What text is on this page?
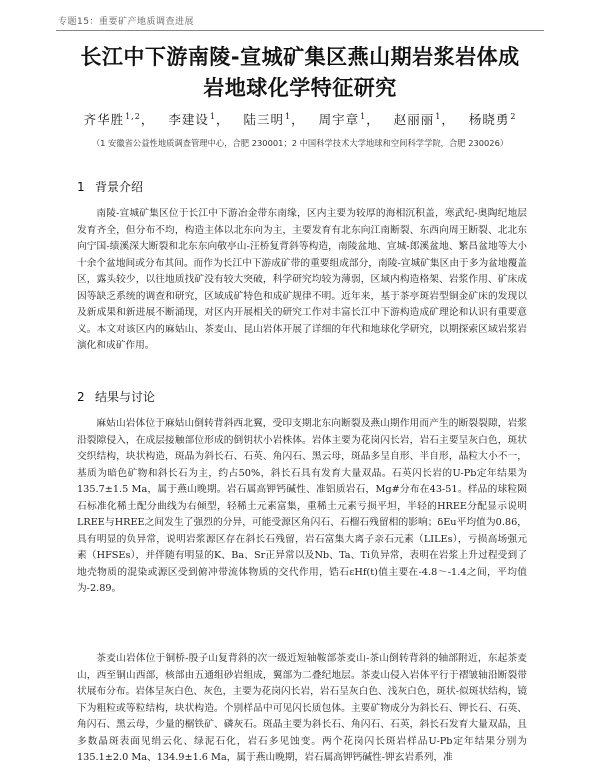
专题15：重要矿产地质调查进展
长江中下游南陵-宣城矿集区燕山期岩浆岩体成
岩地球化学特征研究
齐华胜$^{1,2}$， 李建设$^1$， 陆三明$^1$， 周宇章$^1$， 赵丽丽$^1$， 杨晓勇$^2$
（1 安徽省公益性地质调查管理中心，合肥 230001；2 中国科学技术大学地球和空间科学学院，合肥 230026）
1 背景介绍
南陵-宣城矿集区位于长江中下游冶金带东南缘，区内主要为较厚的海相沉积盖，寒武纪-奥陶纪地层发育齐全，但分布不均，构造主体以北东向为主，主要发育有北东向江南断裂、东西向周王断裂、北北东向宁国-绩溪深大断裂和北东东向敬亭山-汪桥复背斜等构造，南陵盆地、宣城-郎溪盆地、繁昌盆地等大小十余个盆地间或分布其间。而作为长江中下游成矿带的重要组成部分，南陵-宣城矿集区由于多为盆地覆盖区，露头较少，以往地质找矿没有较大突破，科学研究均较为薄弱，区域内构造格架、岩浆作用、矿床成因等缺乏系统的调查和研究，区域成矿特色和成矿规律不明。近年来，基于茶亭斑岩型铜金矿床的发现以及新成果和新进展不断涌现，对区内开展相关的研究工作对丰富长江中下游构造成矿理论和认识有重要意义。本文对该区内的麻姑山、茶麦山、昆山岩体开展了详细的年代和地球化学研究，以期探索区域岩浆岩演化和成矿作用。
2 结果与讨论
麻姑山岩体位于麻姑山倒转背斜西北翼，受印支期北东向断裂及燕山期作用而产生的断裂裂隙，岩浆沿裂隙侵入，在成层接触部位形成的倒钥状小岩株体。岩体主要为花岗闪长岩，岩石主要呈灰白色，斑状交织结构，块状构造，斑晶为斜长石、石英、角闪石、黑云母，斑晶多呈自形、半自形，晶粒大小不一，基质为暗色矿物和斜长石为主，约占50%，斜长石具有发育大量双晶。石英闪长岩的U-Pb定年结果为135.7±1.5 Ma，属于燕山晚期。岩石属高钾钙碱性、准铝质岩石，Mg#分布在43-51。样品的球粒陨石标准化稀土配分曲线为右倾型，轻稀土元素富集，重稀土元素亏损平坦，半轻的HREE分配显示说明LREE与HREE之间发生了强烈的分异，可能受源区角闪石、石榴石残留相的影响；δEu平均值为0.86，具有明显的负异常，说明岩浆源区存在斜长石残留，岩石富集大离子亲石元素（LILEs），亏损高场强元素（HFSEs），并伴随有明显的K、Ba、Sr正异常以及Nb、Ta、Ti负异常，表明在岩浆上升过程受到了地壳物质的混染或源区受到俯冲带流体物质的交代作用，锆石εHf(t)值主要在-4.8～-1.4之间，平均值为-2.89。
茶麦山岩体位于铜桥-殷子山复背斜的次一级近短轴鞍部茶麦山-茶山倒转背斜的轴部附近，东起茶麦山，西至铜山西部，核部由五通组砂岩组成，翼部为二叠纪地层。茶麦山侵入岩体平行于褶皱轴沿断裂带状展布分布。岩体呈灰白色、灰色，主要为花岗闪长岩，岩石呈灰白色、浅灰白色，斑状-似斑状结构，镜下为粗粒或等粒结构，块状构造。个别样品中可见闪长质包体。主要矿物成分为斜长石、钾长石、石英、角闪石、黑云母，少量的榍铁矿、磷灰石。斑晶主要为斜长石、角闪石、石英，斜长石发育大量双晶，且多数晶斑表面见绢云化、绿泥石化，岩石多见蚀变。两个花岗闪长斑岩样品U-Pb定年结果分别为135.1±2.0 Ma、134.9±1.6 Ma，属于燕山晚期，岩石属高钾钙碱性-钾玄岩系列，准
